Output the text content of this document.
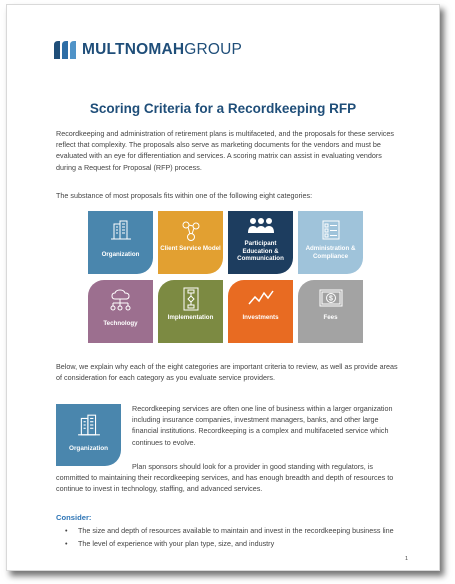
MULTNOMAHGROUP
Scoring Criteria for a Recordkeeping RFP

Recordkeeping and administration of retirement plans is multifaceted, and the proposals for these services reflect that complexity. The proposals also serve as marketing documents for the vendors and must be evaluated with an eye for differentiation and services. A scoring matrix can assist in evaluating vendors during a Request for Proposal (RFP) process.

The substance of most proposals fits within one of the following eight categories:

Organization
Client Service Model
Participant Education & Communication
Administration & Compliance
Technology
Implementation	Investments
$
Fees

Below, we explain why each of the eight categories are important criteria to review, as well as provide areas of consideration for each category as you evaluate service providers.

Organization

Recordkeeping services are often one line of business within a larger organization including insurance companies, investment managers, banks, and other large financial institutions. Recordkeeping is a complex and multifaceted service which continues to evolve.

Plan sponsors should look for a provider in good standing with regulators, is committed to maintaining their recordkeeping services, and has enough breadth and depth of resources to continue to invest in technology, staffing, and advanced services.

Consider:
• The size and depth of resources available to maintain and invest in the recordkeeping business line
• The level of experience with your plan type, size, and industry
1
